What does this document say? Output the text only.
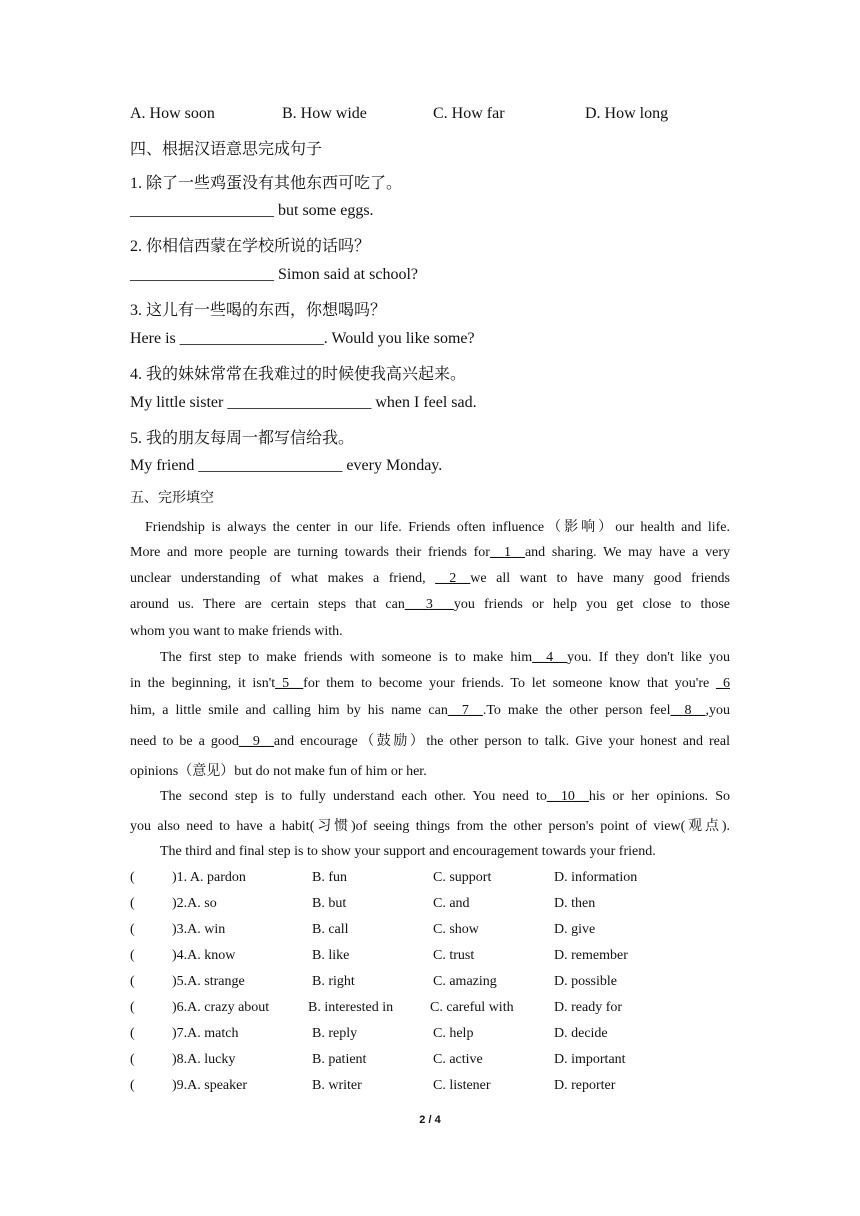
A. How soon	B. How wide	C. How far	D. How long
四、根据汉语意思完成句子
1. 除了一些鸡蛋没有其他东西可吃了。
__________________ but some eggs.
2. 你相信西蒙在学校所说的话吗？
__________________ Simon said at school?
3. 这儿有一些喝的东西，你想喝吗？
Here is __________________. Would you like some?
4. 我的妹妹常常在我难过的时候使我高兴起来。
My little sister __________________ when I feel sad.
5. 我的朋友每周一都写信给我。
My friend __________________ every Monday.
五、完形填空
Friendship is always the center in our life. Friends often influence（影响）our health and life.
More and more people are turning towards their friends for__1__and sharing. We may have a very
unclear understanding of what makes a friend, __2__we all want to have many good friends
around us. There are certain steps that can___3___you friends or help you get close to those
whom you want to make friends with.
The first step to make friends with someone is to make him__4__you. If they don't like you
in the beginning, it isn't_5__for them to become your friends. To let someone know that you're _6
him, a little smile and calling him by his name can__7__.To make the other person feel__8__,you
need to be a good__9__and encourage（鼓励）the other person to talk. Give your honest and real
opinions（意见）but do not make fun of him or her.
The second step is to fully understand each other. You need to__10__his or her opinions. So
you also need to have a habit(习惯)of seeing things from the other person's point of view(观点).
The third and final step is to show your support and encouragement towards your friend.
(	)1. A. pardon	B. fun	C. support	D. information
(	)2.A. so	B. but	C. and	D. then
(	)3.A. win	B. call	C. show	D. give
(	)4.A. know	B. like	C. trust	D. remember
(	)5.A. strange	B. right	C. amazing	D. possible
(	)6.A. crazy about	B. interested in	C. careful with	D. ready for
(	)7.A. match	B. reply	C. help	D. decide
(	)8.A. lucky	B. patient	C. active	D. important
(	)9.A. speaker	B. writer	C. listener	D. reporter
2 / 4
